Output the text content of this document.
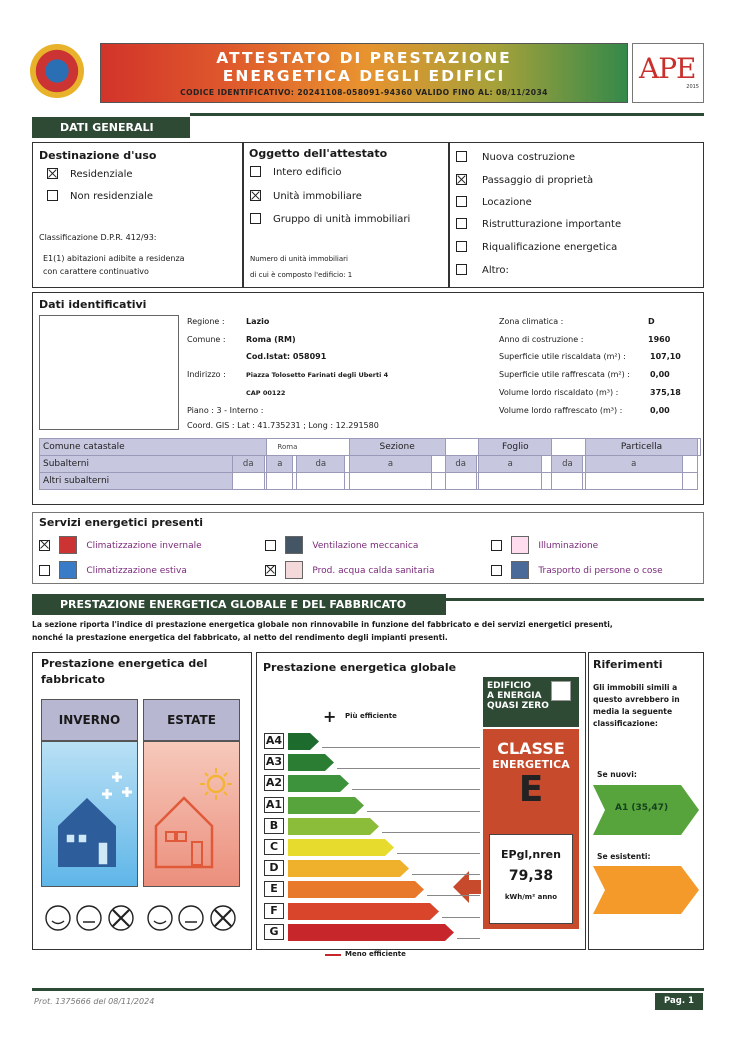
ATTESTATO DI PRESTAZIONE
ENERGETICA DEGLI EDIFICI
CODICE IDENTIFICATIVO: 20241108-058091-94360 VALIDO FINO AL: 08/11/2034
APE
2015
DATI GENERALI
Destinazione d'uso
Residenziale
Non residenziale
Classificazione D.P.R. 412/93:
E1(1) abitazioni adibite a residenza
con carattere continuativo
Oggetto dell'attestato
Intero edificio
Unità immobiliare
Gruppo di unità immobiliari
Numero di unità immobiliari
di cui è composto l'edificio: 1
Nuova costruzione
Passaggio di proprietà
Locazione
Ristrutturazione importante
Riqualificazione energetica
Altro:
Dati identificativi
Regione :	Lazio
Comune :	Roma (RM)
Cod.Istat: 058091
Indirizzo :	Piazza Tolosetto Farinati degli Uberti 4
CAP 00122
Piano : 3 - Interno :
Coord. GIS : Lat : 41.735231 ; Long : 12.291580
Zona climatica :	D
Anno di costruzione :	1960
Superficie utile riscaldata (m²) :	107,10
Superficie utile raffrescata (m²) :	0,00
Volume lordo riscaldato (m³) :	375,18
Volume lordo raffrescato (m³) :	0,00
Comune catastale			Roma				Sezione				Foglio				Particella		
Subalterni	da		a		da		a		da		a		da		a		
Altri subalterni																	
Servizi energetici presenti
Climatizzazione invernale
Climatizzazione estiva
Ventilazione meccanica
Prod. acqua calda sanitaria
Illuminazione
Trasporto di persone o cose
PRESTAZIONE ENERGETICA GLOBALE E DEL FABBRICATO
La sezione riporta l'indice di prestazione energetica globale non rinnovabile in funzione del fabbricato e dei servizi energetici presenti,
nonché la prestazione energetica del fabbricato, al netto del rendimento degli impianti presenti.
Prestazione energetica del
fabbricato
INVERNO	ESTATE
Prestazione energetica globale
+ Più efficiente
Meno efficiente
EDIFICIO
A ENERGIA
QUASI ZERO
CLASSE
ENERGETICA
E
EPgl,nren
79,38
kWh/m² anno
A4
A3
A2
A1
B
C
D
E
F
G
Riferimenti
Gli immobili simili a
questo avrebbero in
media la seguente
classificazione:
Se nuovi:
A1 (35,47)
Se esistenti:
Prot. 1375666 del 08/11/2024	Pag. 1
